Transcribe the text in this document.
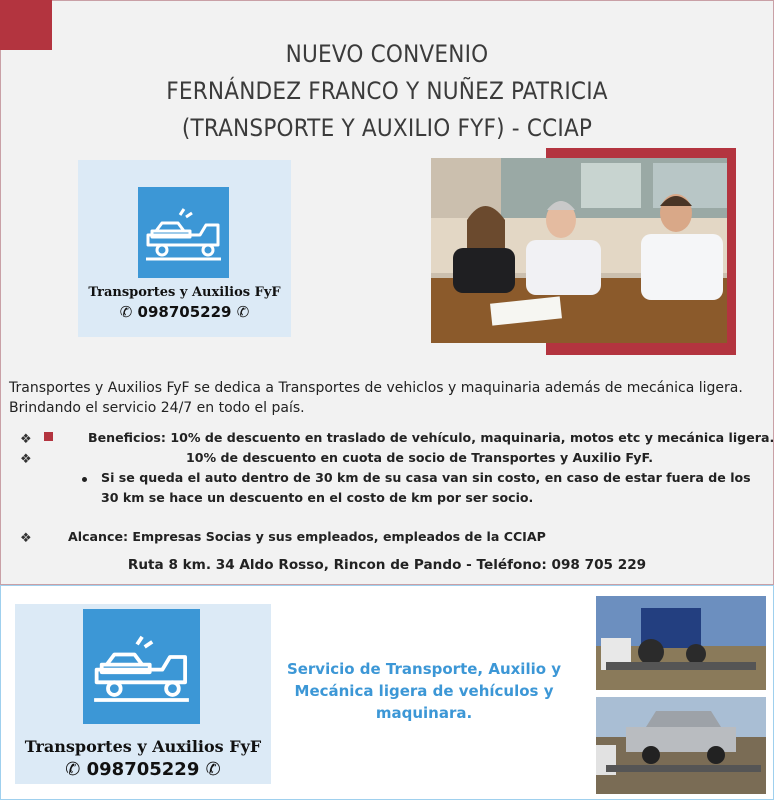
NUEVO CONVENIO
FERNÁNDEZ FRANCO Y NUÑEZ PATRICIA
(TRANSPORTE Y AUXILIO FYF) - CCIAP
Transportes y Auxilios FyF
✆ 098705229 ✆
Transportes y Auxilios FyF se dedica a Transportes de vehiclos y maquinaria además de mecánica ligera. Brindando el servicio 24/7 en todo el país.
❖	Beneficios: 10% de descuento en traslado de vehículo, maquinaria, motos etc y mecánica ligera.
❖	10% de descuento en cuota de socio de Transportes y Auxilio FyF.
Si se queda el auto dentro de 30 km de su casa van sin costo, en caso de estar fuera de los
30 km se hace un descuento en el costo de km por ser socio.
❖	Alcance: Empresas Socias y sus empleados, empleados de la CCIAP
Ruta 8 km. 34 Aldo Rosso, Rincon de Pando - Teléfono: 098 705 229
Transportes y Auxilios FyF
✆ 098705229 ✆
Servicio de Transporte, Auxilio y
Mecánica ligera de vehículos y
maquinara.
